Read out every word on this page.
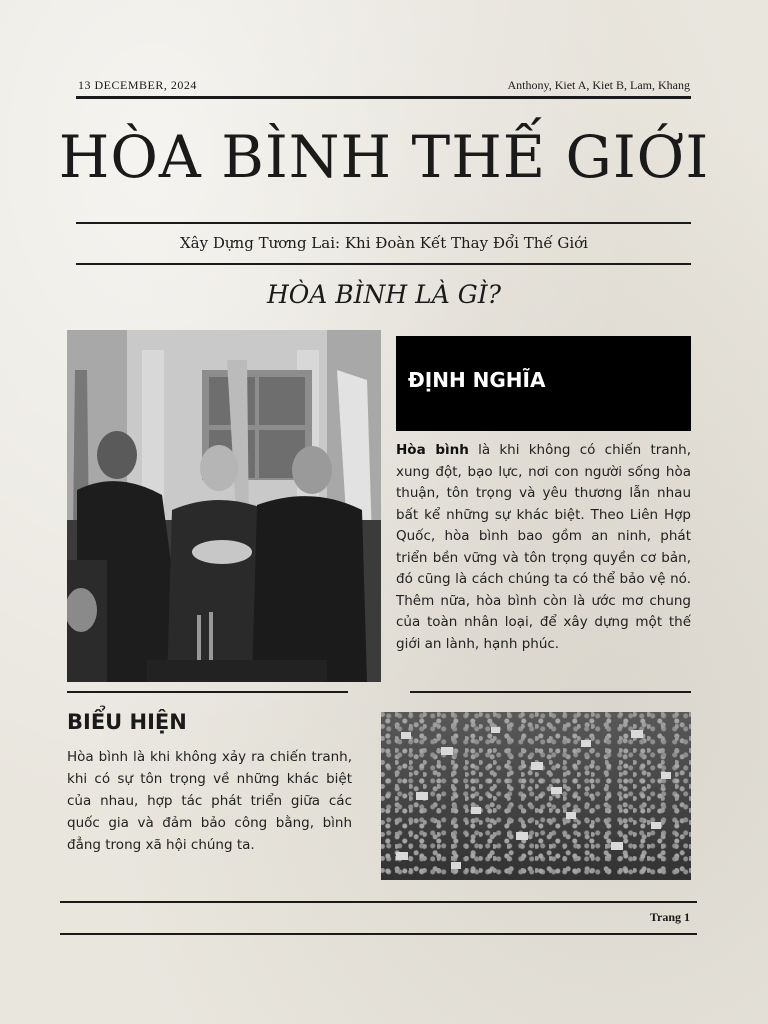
13 DECEMBER, 2024	Anthony, Kiet A, Kiet B, Lam, Khang
HÒA BÌNH THẾ GIỚI
Xây Dựng Tương Lai: Khi Đoàn Kết Thay Đổi Thế Giới
HÒA BÌNH LÀ GÌ?
ĐỊNH NGHĨA
Hòa bình là khi không có chiến tranh, xung đột, bạo lực, nơi con người sống hòa thuận, tôn trọng và yêu thương lẫn nhau bất kể những sự khác biệt. Theo Liên Hợp Quốc, hòa bình bao gồm an ninh, phát triển bền vững và tôn trọng quyền cơ bản, đó cũng là cách chúng ta có thể bảo vệ nó. Thêm nữa, hòa bình còn là ước mơ chung của toàn nhân loại, để xây dựng một thế giới an lành, hạnh phúc.
BIỂU HIỆN
Hòa bình là khi không xảy ra chiến tranh, khi có sự tôn trọng về những khác biệt của nhau, hợp tác phát triển giữa các quốc gia và đảm bảo công bằng, bình đẳng trong xã hội chúng ta.
Trang 1
